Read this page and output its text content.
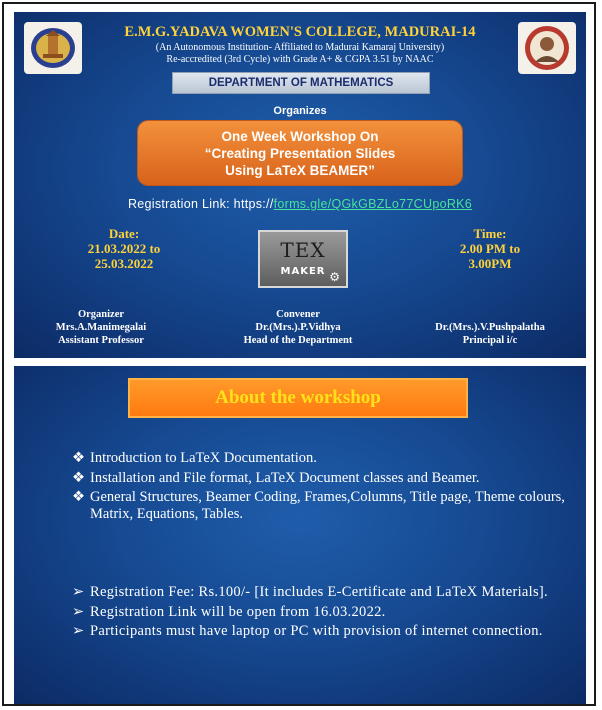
E.M.G.YADAVA WOMEN'S COLLEGE, MADURAI-14
(An Autonomous Institution- Affiliated to Madurai Kamaraj University)
Re-accredited (3rd Cycle) with Grade A+ & CGPA 3.51 by NAAC
DEPARTMENT OF MATHEMATICS
Organizes
One Week Workshop On
“Creating Presentation Slides
Using LaTeX BEAMER”
Registration Link: https://forms.gle/QGkGBZLo77CUpoRK6
Date:
21.03.2022 to
25.03.2022
TEX
MAKER ⚙
Time:
2.00 PM to
3.00PM
Organizer
Mrs.A.Manimegalai
Assistant Professor
Convener
Dr.(Mrs.).P.Vidhya
Head of the Department
Dr.(Mrs.).V.Pushpalatha
Principal i/c
About the workshop
❖ Introduction to LaTeX Documentation.
❖ Installation and File format, LaTeX Document classes and Beamer.
❖ General Structures, Beamer Coding, Frames,Columns, Title page, Theme colours, Matrix, Equations, Tables.
➢ Registration Fee: Rs.100/- [It includes E-Certificate and LaTeX Materials].
➢ Registration Link will be open from 16.03.2022.
➢ Participants must have laptop or PC with provision of internet connection.
